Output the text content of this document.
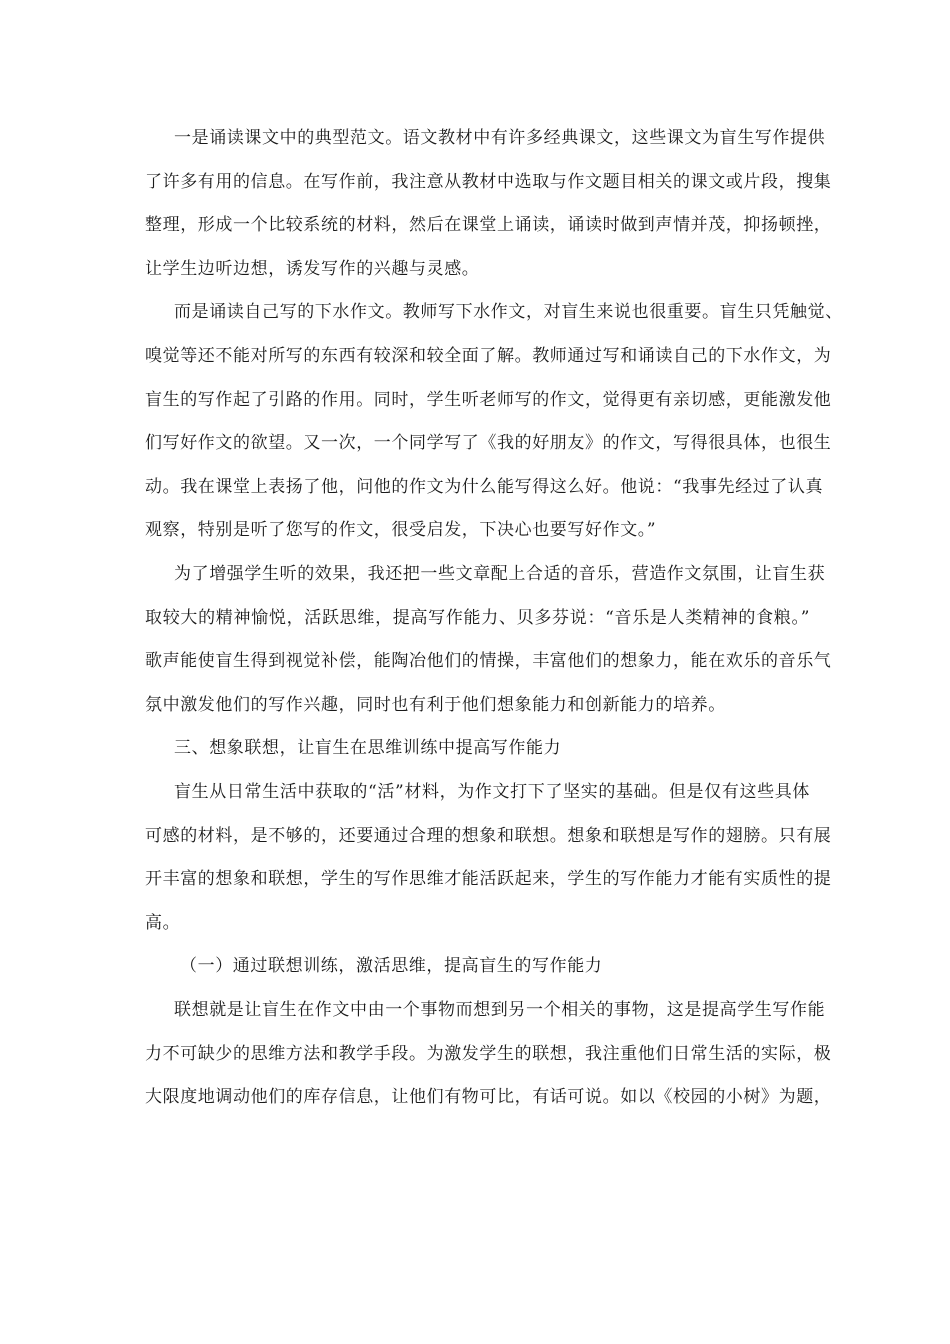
一是诵读课文中的典型范文。语文教材中有许多经典课文，这些课文为盲生写作提供
了许多有用的信息。在写作前，我注意从教材中选取与作文题目相关的课文或片段，搜集
整理，形成一个比较系统的材料，然后在课堂上诵读，诵读时做到声情并茂，抑扬顿挫，
让学生边听边想，诱发写作的兴趣与灵感。
而是诵读自己写的下水作文。教师写下水作文，对盲生来说也很重要。盲生只凭触觉、
嗅觉等还不能对所写的东西有较深和较全面了解。教师通过写和诵读自己的下水作文，为
盲生的写作起了引路的作用。同时，学生听老师写的作文，觉得更有亲切感，更能激发他
们写好作文的欲望。又一次，一个同学写了《我的好朋友》的作文，写得很具体，也很生
动。我在课堂上表扬了他，问他的作文为什么能写得这么好。他说：“我事先经过了认真
观察，特别是听了您写的作文，很受启发，下决心也要写好作文。”
为了增强学生听的效果，我还把一些文章配上合适的音乐，营造作文氛围，让盲生获
取较大的精神愉悦，活跃思维，提高写作能力、贝多芬说：“音乐是人类精神的食粮。”
歌声能使盲生得到视觉补偿，能陶冶他们的情操，丰富他们的想象力，能在欢乐的音乐气
氛中激发他们的写作兴趣，同时也有利于他们想象能力和创新能力的培养。
三、想象联想，让盲生在思维训练中提高写作能力
盲生从日常生活中获取的“活”材料，为作文打下了坚实的基础。但是仅有这些具体
可感的材料，是不够的，还要通过合理的想象和联想。想象和联想是写作的翅膀。只有展
开丰富的想象和联想，学生的写作思维才能活跃起来，学生的写作能力才能有实质性的提
高。
（一）通过联想训练，激活思维，提高盲生的写作能力
联想就是让盲生在作文中由一个事物而想到另一个相关的事物，这是提高学生写作能
力不可缺少的思维方法和教学手段。为激发学生的联想，我注重他们日常生活的实际，极
大限度地调动他们的库存信息，让他们有物可比，有话可说。如以《校园的小树》为题，
